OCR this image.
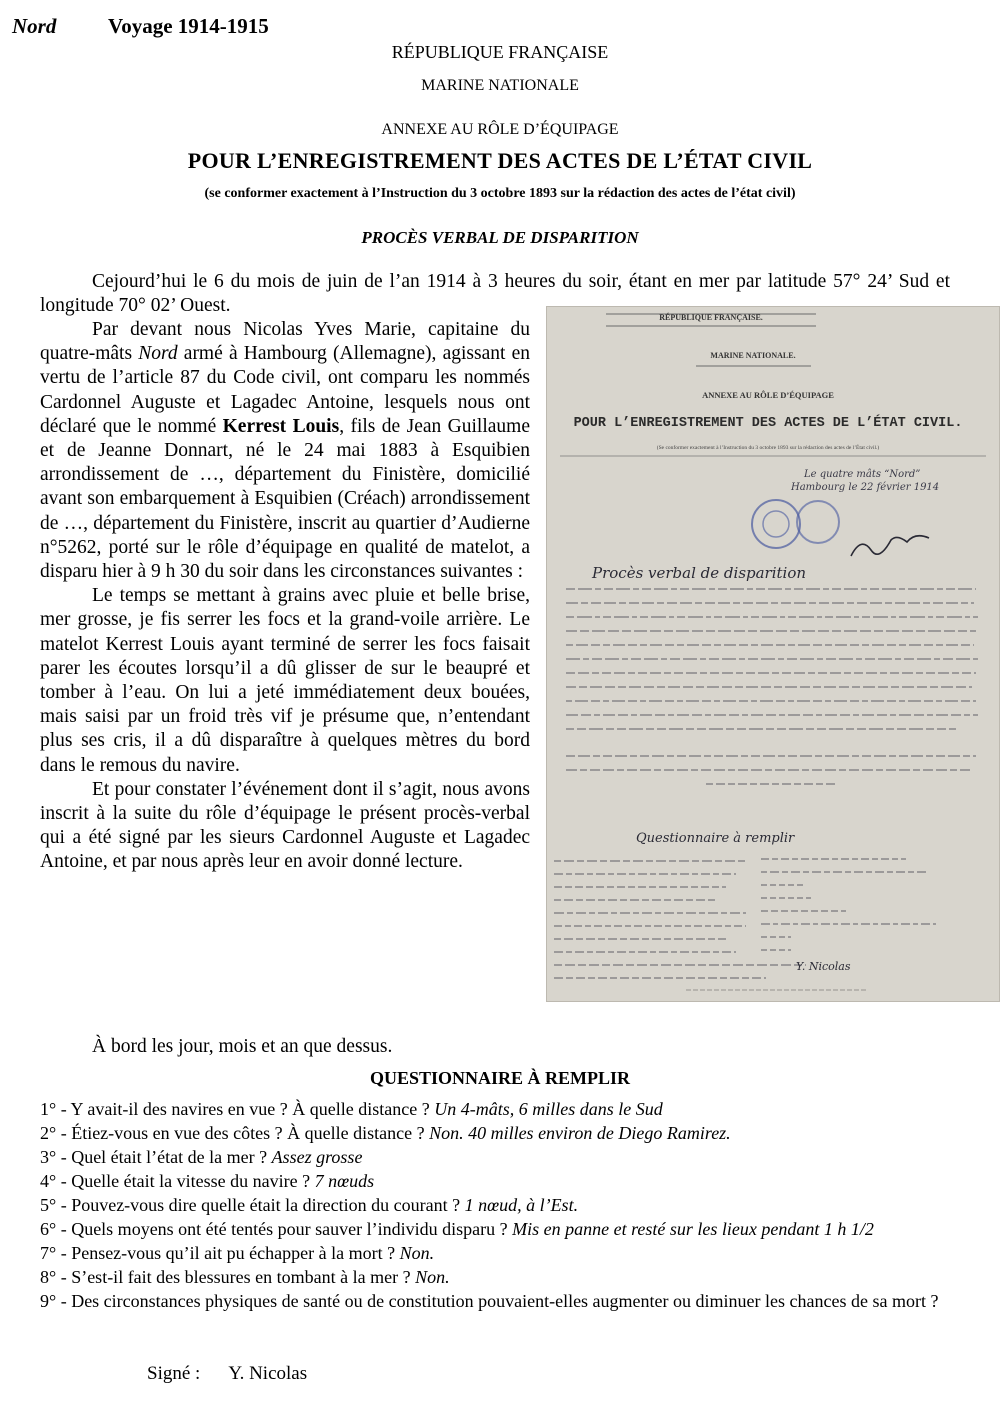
Nord Voyage 1914-1915
RÉPUBLIQUE FRANÇAISE
MARINE NATIONALE
ANNEXE AU RÔLE D’ÉQUIPAGE
POUR L’ENREGISTREMENT DES ACTES DE L’ÉTAT CIVIL
(se conformer exactement à l’Instruction du 3 octobre 1893 sur la rédaction des actes de l’état civil)
PROCÈS VERBAL DE DISPARITION
Cejourd’hui le 6 du mois de juin de l’an 1914 à 3 heures du soir, étant en mer par latitude 57° 24’ Sud et longitude 70° 02’ Ouest.

Par devant nous Nicolas Yves Marie, capitaine du quatre-mâts Nord armé à Hambourg (Allemagne), agissant en vertu de l’article 87 du Code civil, ont comparu les nommés Cardonnel Auguste et Lagadec Antoine, lesquels nous ont déclaré que le nommé Kerrest Louis, fils de Jean Guillaume et de Jeanne Donnart, né le 24 mai 1883 à Esquibien arrondissement de …, département du Finistère, domicilié avant son embarquement à Esquibien (Créach) arrondissement de …, département du Finistère, inscrit au quartier d’Audierne n°5262, porté sur le rôle d’équipage en qualité de matelot, a disparu hier à 9 h 30 du soir dans les circonstances suivantes :

Le temps se mettant à grains avec pluie et belle brise, mer grosse, je fis serrer les focs et la grand-voile arrière. Le matelot Kerrest Louis ayant terminé de serrer les focs faisait parer les écoutes lorsqu’il a dû glisser de sur le beaupré et tomber à l’eau. On lui a jeté immédiatement deux bouées, mais saisi par un froid très vif je présume que, n’entendant plus ses cris, il a dû disparaître à quelques mètres du bord dans le remous du navire.

Et pour constater l’événement dont il s’agit, nous avons inscrit à la suite du rôle d’équipage le présent procès-verbal qui a été signé par les sieurs Cardonnel Auguste et Lagadec Antoine, et par nous après leur en avoir donné lecture.

À bord les jour, mois et an que dessus.
RÉPUBLIQUE FRANÇAISE.
MARINE NATIONALE.
ANNEXE AU RÔLE D’ÉQUIPAGE
POUR L’ENREGISTREMENT DES ACTES DE L’ÉTAT CIVIL.
(Se conformer exactement à l’Instruction du 3 octobre 1893 sur la rédaction des actes de l’État civil.)
Le quatre mâts “Nord”
Hambourg le 22 février 1914
Procès verbal de disparition
Questionnaire à remplir
Y. Nicolas
QUESTIONNAIRE À REMPLIR

1° - Y avait-il des navires en vue ? À quelle distance ? Un 4-mâts, 6 milles dans le Sud

2° - Étiez-vous en vue des côtes ? À quelle distance ? Non. 40 milles environ de Diego Ramirez.

3° - Quel était l’état de la mer ? Assez grosse

4° - Quelle était la vitesse du navire ? 7 nœuds

5° - Pouvez-vous dire quelle était la direction du courant ? 1 nœud, à l’Est.

6° - Quels moyens ont été tentés pour sauver l’individu disparu ? Mis en panne et resté sur les lieux pendant 1 h 1/2

7° - Pensez-vous qu’il ait pu échapper à la mort ? Non.

8° - S’est-il fait des blessures en tombant à la mer ? Non.

9° - Des circonstances physiques de santé ou de constitution pouvaient-elles augmenter ou diminuer les chances de sa mort ?

Signé : Y. Nicolas
